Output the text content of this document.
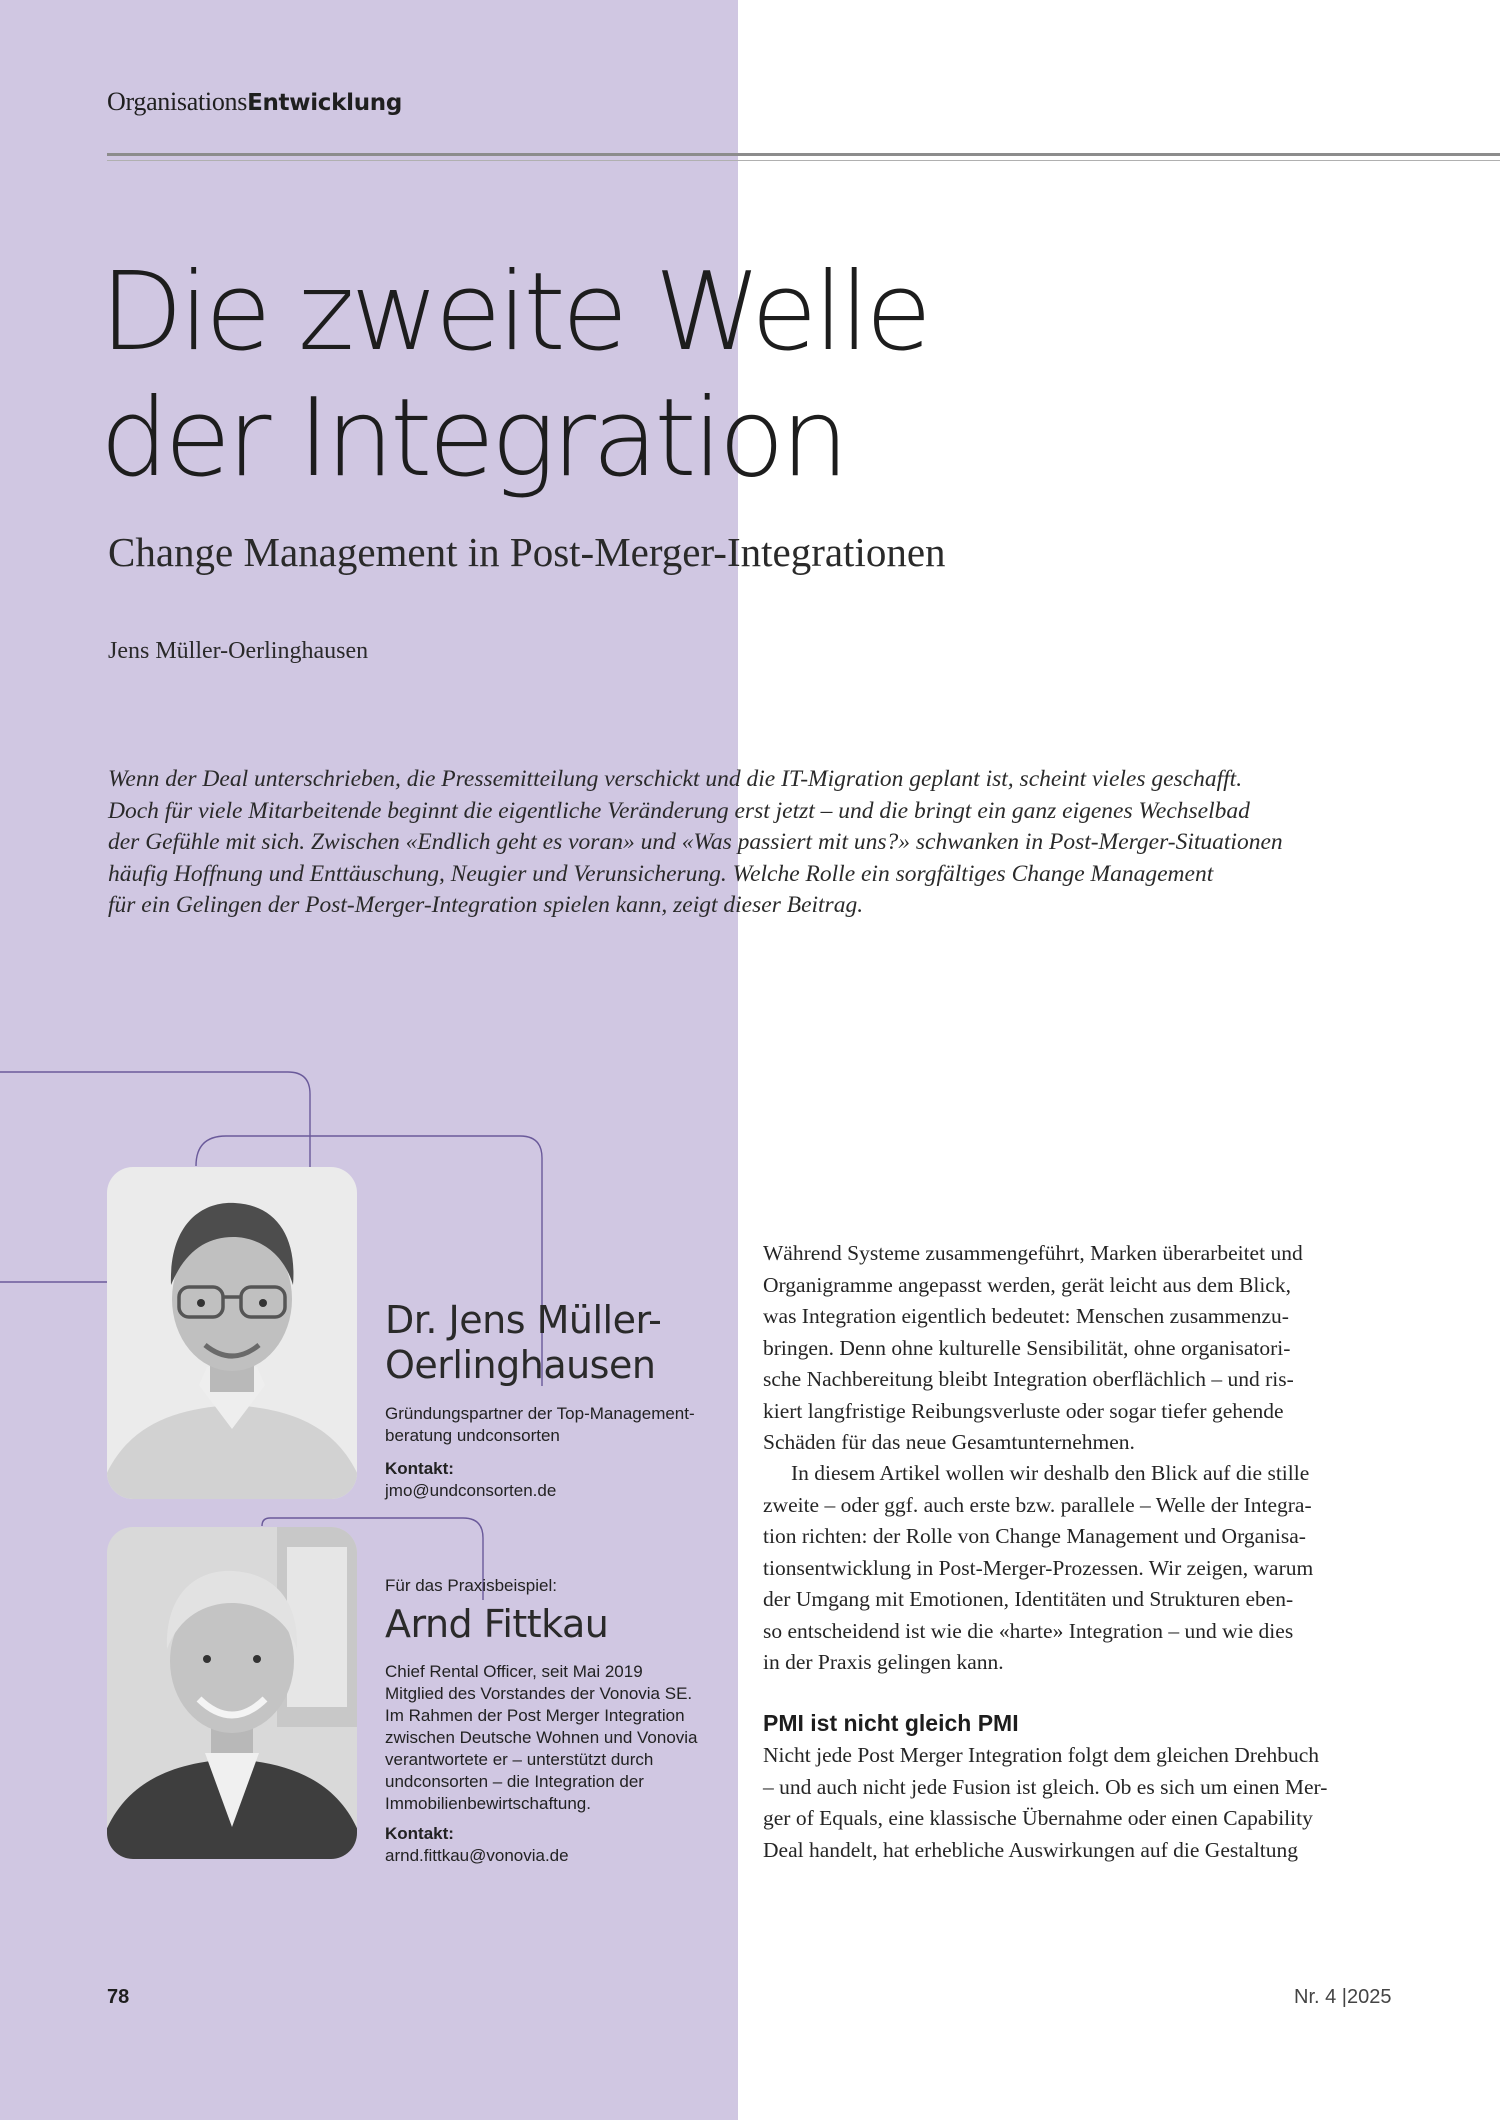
OrganisationsEntwicklung
Die zweite Welle
der Integration
Change Management in Post-Merger-Integrationen
Jens Müller-Oerlinghausen
Wenn der Deal unterschrieben, die Pressemitteilung verschickt und die IT-Migration geplant ist, scheint vieles geschafft.
Doch für viele Mitarbeitende beginnt die eigentliche Veränderung erst jetzt – und die bringt ein ganz eigenes Wechselbad
der Gefühle mit sich. Zwischen «Endlich geht es voran» und «Was passiert mit uns?» schwanken in Post-Merger-Situationen
häufig Hoffnung und Enttäuschung, Neugier und Verunsicherung. Welche Rolle ein sorgfältiges Change Management
für ein Gelingen der Post-Merger-Integration spielen kann, zeigt dieser Beitrag.
Dr. Jens Müller-
Oerlinghausen
Gründungspartner der Top-Management-
beratung undconsorten
Kontakt:
jmo@undconsorten.de
Für das Praxisbeispiel:
Arnd Fittkau
Chief Rental Officer, seit Mai 2019
Mitglied des Vorstandes der Vonovia SE.
Im Rahmen der Post Merger Integration
zwischen Deutsche Wohnen und Vonovia
verantwortete er – unterstützt durch
undconsorten – die Integration der
Immobilienbewirtschaftung.
Kontakt:
arnd.fittkau@vonovia.de
Während Systeme zusammengeführt, Marken überarbeitet und
Organigramme angepasst werden, gerät leicht aus dem Blick,
was Integration eigentlich bedeutet: Menschen zusammenzu-
bringen. Denn ohne kulturelle Sensibilität, ohne organisatori-
sche Nachbereitung bleibt Integration oberflächlich – und ris-
kiert langfristige Reibungsverluste oder sogar tiefer gehende
Schäden für das neue Gesamtunternehmen.
In diesem Artikel wollen wir deshalb den Blick auf die stille
zweite – oder ggf. auch erste bzw. parallele – Welle der Integra-
tion richten: der Rolle von Change Management und Organisa-
tionsentwicklung in Post-Merger-Prozessen. Wir zeigen, warum
der Umgang mit Emotionen, Identitäten und Strukturen eben-
so entscheidend ist wie die «harte» Integration – und wie dies
in der Praxis gelingen kann.
PMI ist nicht gleich PMI
Nicht jede Post Merger Integration folgt dem gleichen Drehbuch
– und auch nicht jede Fusion ist gleich. Ob es sich um einen Mer-
ger of Equals, eine klassische Übernahme oder einen Capability
Deal handelt, hat erhebliche Auswirkungen auf die Gestaltung
78	Nr. 4 |2025
